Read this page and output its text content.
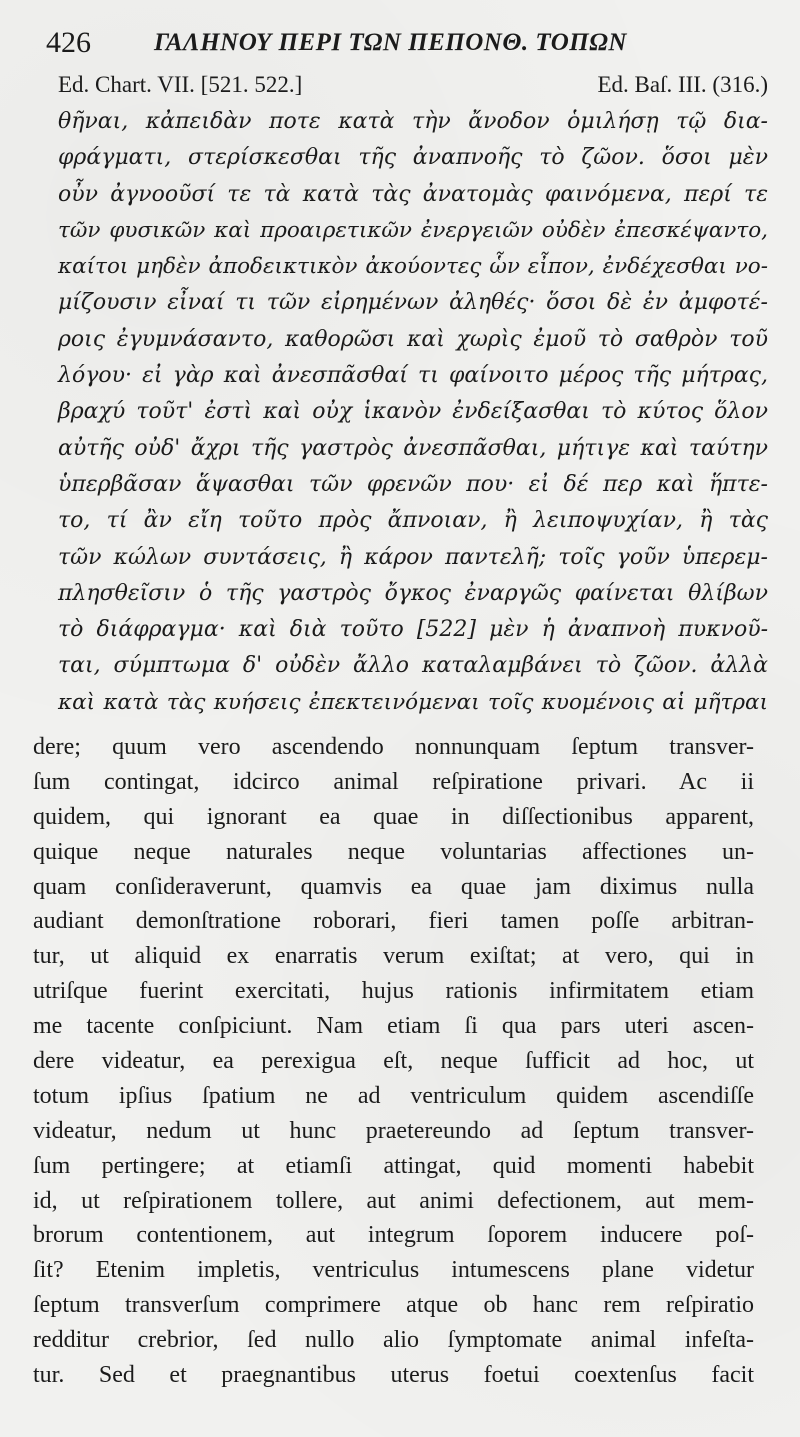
426	ΓΑΛΗΝΟΥ ΠΕΡΙ ΤΩΝ ΠΕΠΟΝΘ. ΤΟΠΩΝ
Ed. Chart. VII. [521. 522.]	Ed. Baſ. III. (316.)
θῆναι, κἀπειδὰν ποτε κατὰ τὴν ἄνοδον ὁμιλήσῃ τῷ δια-
φράγματι, στερίσκεσθαι τῆς ἀναπνοῆς τὸ ζῶον. ὅσοι μὲν
οὖν ἀγνοοῦσί τε τὰ κατὰ τὰς ἀνατομὰς φαινόμενα, περί τε
τῶν φυσικῶν καὶ προαιρετικῶν ἐνεργειῶν οὐδὲν ἐπεσκέψαντο,
καίτοι μηδὲν ἀποδεικτικὸν ἀκούοντες ὧν εἶπον, ἐνδέχεσθαι νο-
μίζουσιν εἶναί τι τῶν εἰρημένων ἀληθές· ὅσοι δὲ ἐν ἀμφοτέ-
ροις ἐγυμνάσαντο, καθορῶσι καὶ χωρὶς ἐμοῦ τὸ σαθρὸν τοῦ
λόγου· εἰ γὰρ καὶ ἀνεσπᾶσθαί τι φαίνοιτο μέρος τῆς μήτρας,
βραχύ τοῦτ' ἐστὶ καὶ οὐχ ἱκανὸν ἐνδείξασθαι τὸ κύτος ὅλον
αὐτῆς οὐδ' ἄχρι τῆς γαστρὸς ἀνεσπᾶσθαι, μήτιγε καὶ ταύτην
ὑπερβᾶσαν ἅψασθαι τῶν φρενῶν που· εἰ δέ περ καὶ ἥπτε-
το, τί ἂν εἴη τοῦτο πρὸς ἄπνοιαν, ἢ λειποψυχίαν, ἢ τὰς
τῶν κώλων συντάσεις, ἢ κάρον παντελῆ; τοῖς γοῦν ὑπερεμ-
πλησθεῖσιν ὁ τῆς γαστρὸς ὄγκος ἐναργῶς φαίνεται θλίβων
τὸ διάφραγμα· καὶ διὰ τοῦτο [522] μὲν ἡ ἀναπνοὴ πυκνοῦ-
ται, σύμπτωμα δ' οὐδὲν ἄλλο καταλαμβάνει τὸ ζῶον. ἀλλὰ
καὶ κατὰ τὰς κυήσεις ἐπεκτεινόμεναι τοῖς κυομένοις αἱ μῆτραι
dere; quum vero ascendendo nonnunquam ſeptum transver-
ſum contingat, idcirco animal reſpiratione privari. Ac ii
quidem, qui ignorant ea quae in diſſectionibus apparent,
quique neque naturales neque voluntarias affectiones un-
quam conſideraverunt, quamvis ea quae jam diximus nulla
audiant demonſtratione roborari, fieri tamen poſſe arbitran-
tur, ut aliquid ex enarratis verum exiſtat; at vero, qui in
utriſque fuerint exercitati, hujus rationis infirmitatem etiam
me tacente conſpiciunt. Nam etiam ſi qua pars uteri ascen-
dere videatur, ea perexigua eſt, neque ſufficit ad hoc, ut
totum ipſius ſpatium ne ad ventriculum quidem ascendiſſe
videatur, nedum ut hunc praetereundo ad ſeptum transver-
ſum pertingere; at etiamſi attingat, quid momenti habebit
id, ut reſpirationem tollere, aut animi defectionem, aut mem-
brorum contentionem, aut integrum ſoporem inducere poſ-
ſit? Etenim impletis, ventriculus intumescens plane videtur
ſeptum transverſum comprimere atque ob hanc rem reſpiratio
redditur crebrior, ſed nullo alio ſymptomate animal infeſta-
tur. Sed et praegnantibus uterus foetui coextenſus facit
